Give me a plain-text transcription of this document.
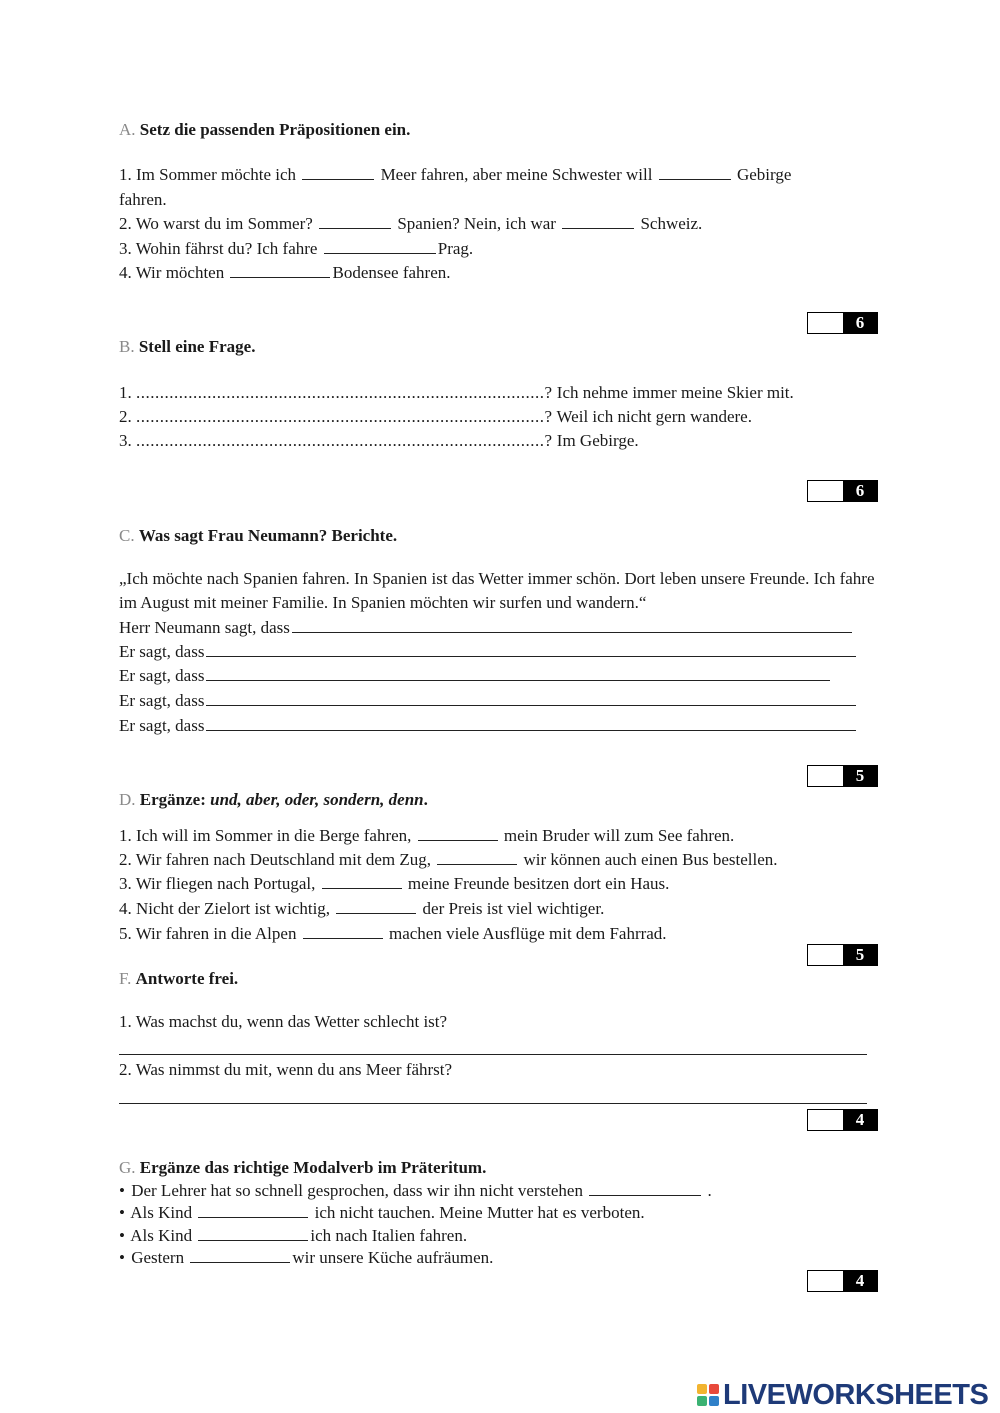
A. Setz die passenden Präpositionen ein.
1. Im Sommer möchte ich	Meer fahren, aber meine Schwester will	Gebirge
fahren.
2. Wo warst du im Sommer?	Spanien? Nein, ich war	Schweiz.
3. Wohin fährst du? Ich fahre	Prag.
4. Wir möchten	Bodensee fahren.
6
B. Stell eine Frage.
1. ......................................................................................? Ich nehme immer meine Skier mit.
2. ......................................................................................? Weil ich nicht gern wandere.
3. ......................................................................................? Im Gebirge.
6
C. Was sagt Frau Neumann? Berichte.
„Ich möchte nach Spanien fahren. In Spanien ist das Wetter immer schön. Dort leben unsere Freunde. Ich fahre im August mit meiner Familie. In Spanien möchten wir surfen und wandern.“
Herr Neumann sagt, dass
Er sagt, dass
Er sagt, dass
Er sagt, dass
Er sagt, dass
5
D. Ergänze: und, aber, oder, sondern, denn.
1. Ich will im Sommer in die Berge fahren,	mein Bruder will zum See fahren.
2. Wir fahren nach Deutschland mit dem Zug,	wir können auch einen Bus bestellen.
3. Wir fliegen nach Portugal,	meine Freunde besitzen dort ein Haus.
4. Nicht der Zielort ist wichtig,	der Preis ist viel wichtiger.
5. Wir fahren in die Alpen	machen viele Ausflüge mit dem Fahrrad.
5
F. Antworte frei.
1. Was machst du, wenn das Wetter schlecht ist?
2. Was nimmst du mit, wenn du ans Meer fährst?
4
G. Ergänze das richtige Modalverb im Präteritum.
• Der Lehrer hat so schnell gesprochen, dass wir ihn nicht verstehen	.
• Als Kind	ich nicht tauchen. Meine Mutter hat es verboten.
• Als Kind	ich nach Italien fahren.
• Gestern	wir unsere Küche aufräumen.
4
LIVEWORKSHEETS
